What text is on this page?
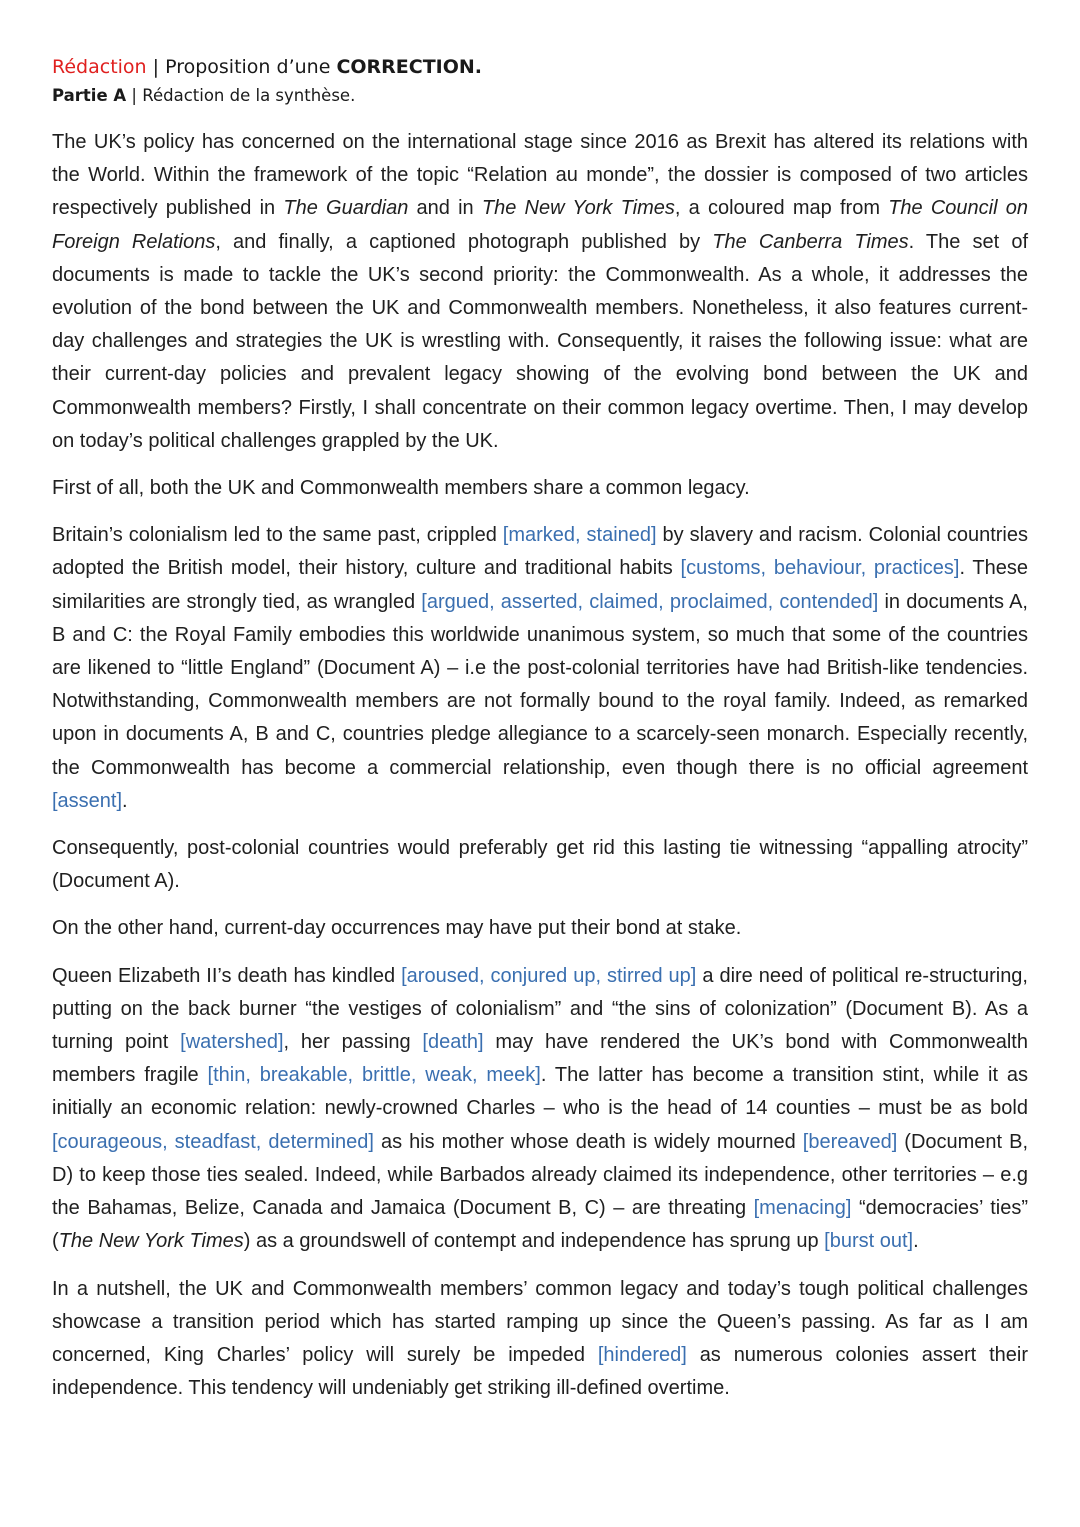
Rédaction | Proposition d’une CORRECTION.

Partie A | Rédaction de la synthèse.

The UK’s policy has concerned on the international stage since 2016 as Brexit has altered its relations with the World. Within the framework of the topic “Relation au monde”, the dossier is composed of two articles respectively published in The Guardian and in The New York Times, a coloured map from The Council on Foreign Relations, and finally, a captioned photograph published by The Canberra Times. The set of documents is made to tackle the UK’s second priority: the Commonwealth. As a whole, it addresses the evolution of the bond between the UK and Commonwealth members. Nonetheless, it also features current-day challenges and strategies the UK is wrestling with. Consequently, it raises the following issue: what are their current-day policies and prevalent legacy showing of the evolving bond between the UK and Commonwealth members? Firstly, I shall concentrate on their common legacy overtime. Then, I may develop on today’s political challenges grappled by the UK.

First of all, both the UK and Commonwealth members share a common legacy.

Britain’s colonialism led to the same past, crippled [marked, stained] by slavery and racism. Colonial countries adopted the British model, their history, culture and traditional habits [customs, behaviour, practices]. These similarities are strongly tied, as wrangled [argued, asserted, claimed, proclaimed, contended] in documents A, B and C: the Royal Family embodies this worldwide unanimous system, so much that some of the countries are likened to “little England” (Document A) – i.e the post-colonial territories have had British-like tendencies. Notwithstanding, Commonwealth members are not formally bound to the royal family. Indeed, as remarked upon in documents A, B and C, countries pledge allegiance to a scarcely-seen monarch. Especially recently, the Commonwealth has become a commercial relationship, even though there is no official agreement [assent].

Consequently, post-colonial countries would preferably get rid this lasting tie witnessing “appalling atrocity” (Document A).

On the other hand, current-day occurrences may have put their bond at stake.

Queen Elizabeth II’s death has kindled [aroused, conjured up, stirred up] a dire need of political re-structuring, putting on the back burner “the vestiges of colonialism” and “the sins of colonization” (Document B). As a turning point [watershed], her passing [death] may have rendered the UK’s bond with Commonwealth members fragile [thin, breakable, brittle, weak, meek]. The latter has become a transition stint, while it as initially an economic relation: newly-crowned Charles – who is the head of 14 counties – must be as bold [courageous, steadfast, determined] as his mother whose death is widely mourned [bereaved] (Document B, D) to keep those ties sealed. Indeed, while Barbados already claimed its independence, other territories – e.g the Bahamas, Belize, Canada and Jamaica (Document B, C) – are threating [menacing] “democracies’ ties” (The New York Times) as a groundswell of contempt and independence has sprung up [burst out].

In a nutshell, the UK and Commonwealth members’ common legacy and today’s tough political challenges showcase a transition period which has started ramping up since the Queen’s passing. As far as I am concerned, King Charles’ policy will surely be impeded [hindered] as numerous colonies assert their independence. This tendency will undeniably get striking ill-defined overtime.
